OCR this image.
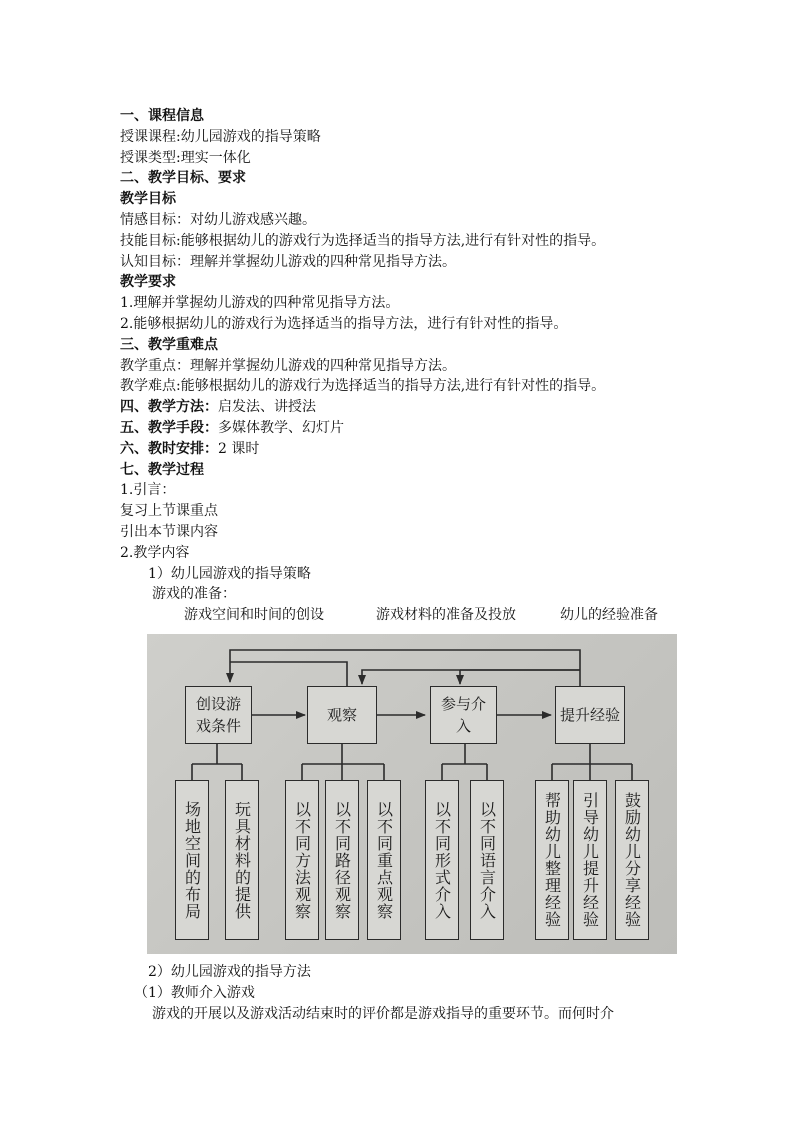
一、课程信息
授课课程:幼儿园游戏的指导策略
授课类型:理实一体化
二、教学目标、要求
教学目标
情感目标：对幼儿游戏感兴趣。
技能目标:能够根据幼儿的游戏行为选择适当的指导方法,进行有针对性的指导。
认知目标：理解并掌握幼儿游戏的四种常见指导方法。
教学要求
1.理解并掌握幼儿游戏的四种常见指导方法。
2.能够根据幼儿的游戏行为选择适当的指导方法，进行有针对性的指导。
三、教学重难点
教学重点：理解并掌握幼儿游戏的四种常见指导方法。
教学难点:能够根据幼儿的游戏行为选择适当的指导方法,进行有针对性的指导。
四、教学方法：启发法、讲授法
五、教学手段：多媒体教学、幻灯片
六、教时安排：2 课时
七、教学过程
1.引言：
复习上节课重点
引出本节课内容
2.教学内容
1）幼儿园游戏的指导策略
游戏的准备：
游戏空间和时间的创设	游戏材料的准备及投放	幼儿的经验准备
创设游戏条件
观察
参与介入
提升经验
场地空间的布局	玩具材料的提供	以不同方法观察	以不同路径观察	以不同重点观察	以不同形式介入	以不同语言介入	帮助幼儿整理经验	引导幼儿提升经验	鼓励幼儿分享经验
2）幼儿园游戏的指导方法
（1）教师介入游戏
游戏的开展以及游戏活动结束时的评价都是游戏指导的重要环节。而何时介
